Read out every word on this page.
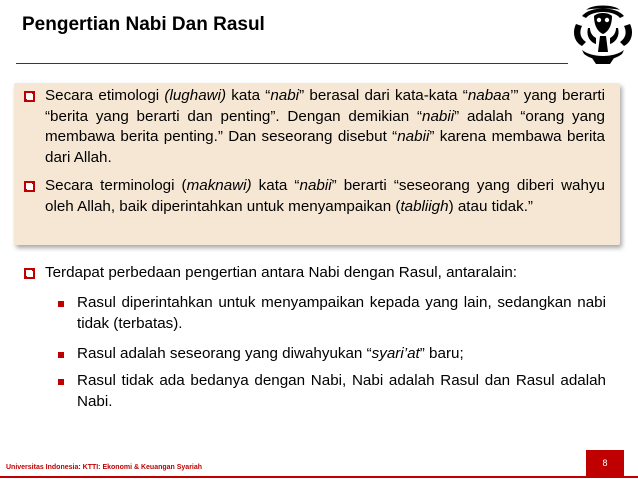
Pengertian Nabi Dan Rasul

Secara etimologi (lughawi) kata “nabi” berasal dari kata-kata “nabaa’” yang berarti “berita yang berarti dan penting”. Dengan demikian “nabii” adalah “orang yang membawa berita penting.” Dan seseorang disebut “nabii” karena membawa berita dari Allah.

Secara terminologi (maknawi) kata “nabii” berarti “seseorang yang diberi wahyu oleh Allah, baik diperintahkan untuk menyampaikan (tabliigh) atau tidak.”

Terdapat perbedaan pengertian antara Nabi dengan Rasul, antaralain:

Rasul diperintahkan untuk menyampaikan kepada yang lain, sedangkan nabi tidak (terbatas).

Rasul adalah seseorang yang diwahyukan “syari’at” baru;

Rasul tidak ada bedanya dengan Nabi, Nabi adalah Rasul dan Rasul adalah Nabi.

Universitas Indonesia: KTTI: Ekonomi & Keuangan Syariah	8
